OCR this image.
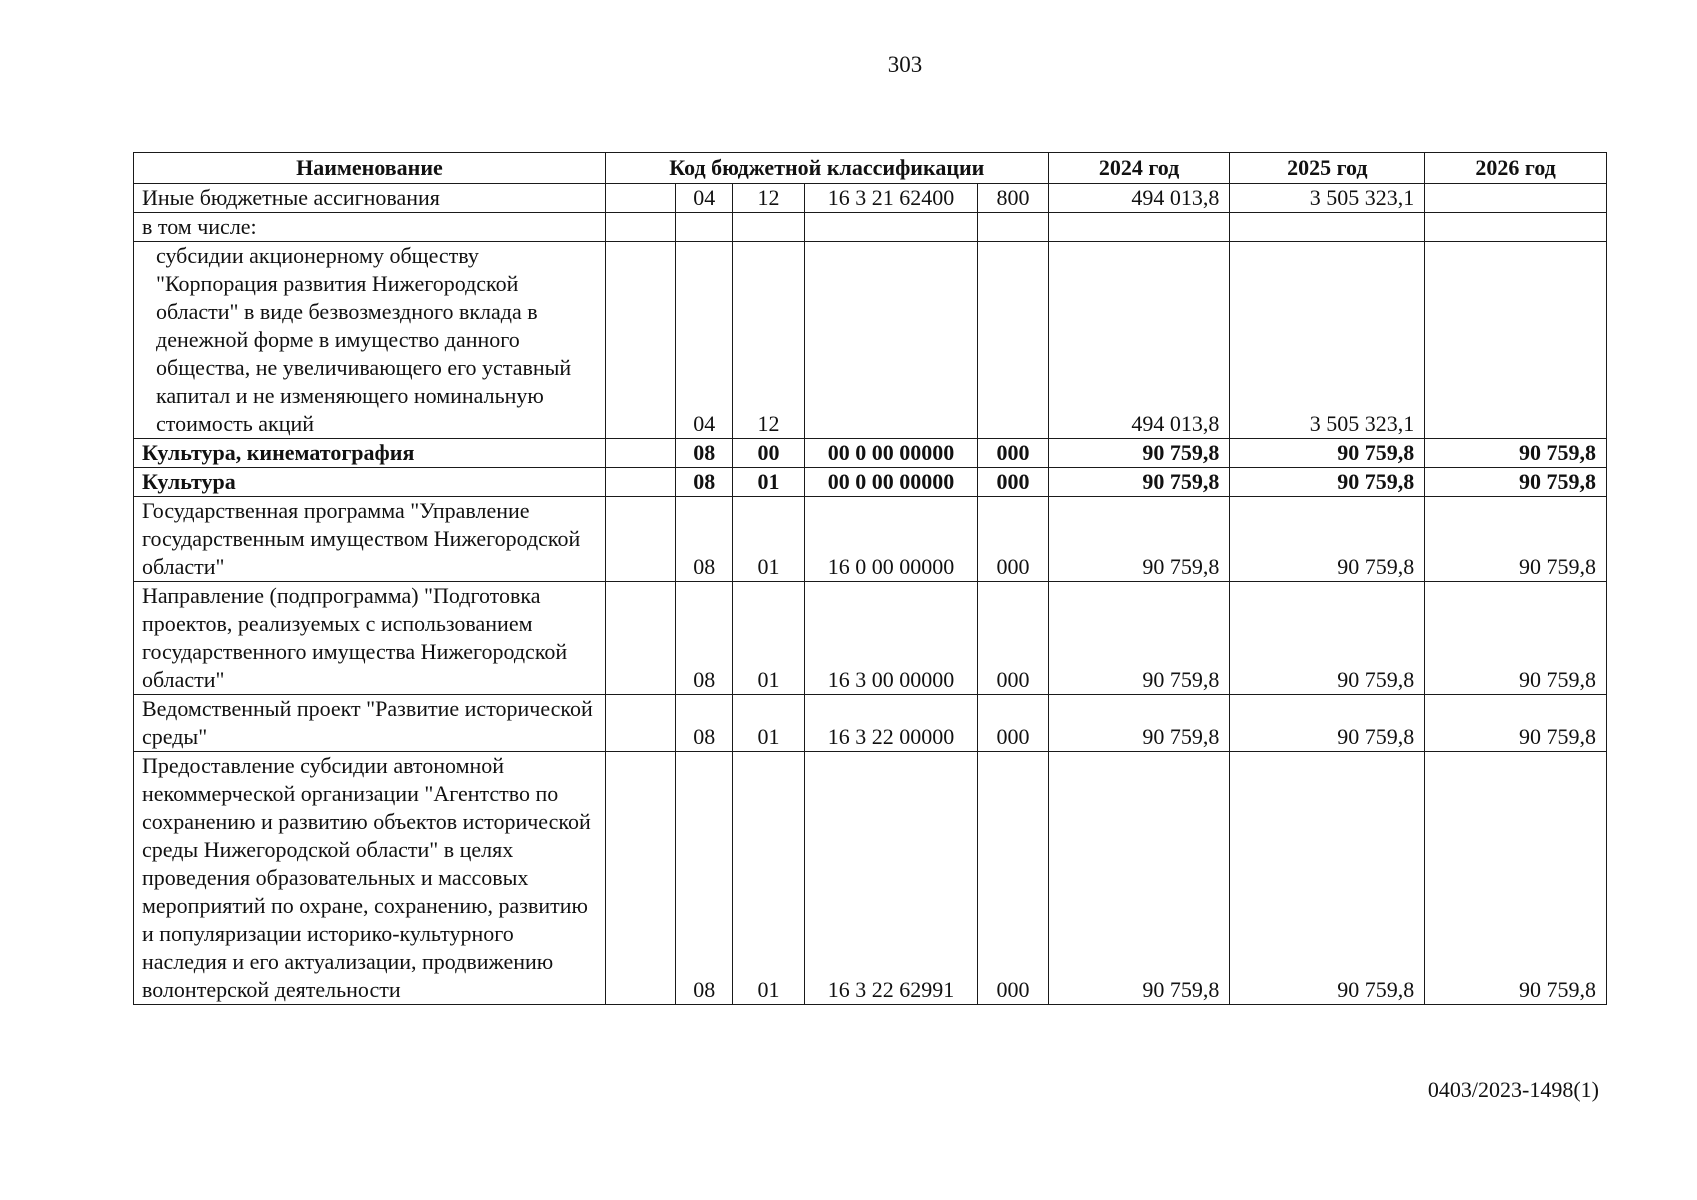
303
Наименование	Код бюджетной классификации					2024 год	2025 год	2026 год
Иные бюджетные ассигнования		04	12	16 3 21 62400	800	494 013,8	3 505 323,1	
в том числе:								

субсидии акционерному обществу "Корпорация развития Нижегородской области" в виде безвозмездного вклада в денежной форме в имущество данного общества, не увеличивающего его уставный капитал и не изменяющего номинальную стоимость акций		04	12			494 013,8	3 505 323,1	
Культура, кинематография		08	00	00 0 00 00000	000	90 759,8	90 759,8	90 759,8
Культура		08	01	00 0 00 00000	000	90 759,8	90 759,8	90 759,8
Государственная программа "Управление государственным имуществом Нижегородской области"		08	01	16 0 00 00000	000	90 759,8	90 759,8	90 759,8
Направление (подпрограмма) "Подготовка проектов, реализуемых с использованием государственного имущества Нижегородской области"		08	01	16 3 00 00000	000	90 759,8	90 759,8	90 759,8
Ведомственный проект "Развитие исторической среды"		08	01	16 3 22 00000	000	90 759,8	90 759,8	90 759,8
Предоставление субсидии автономной некоммерческой организации "Агентство по сохранению и развитию объектов исторической среды Нижегородской области" в целях проведения образовательных и массовых мероприятий по охране, сохранению, развитию и популяризации историко-культурного наследия и его актуализации, продвижению волонтерской деятельности		08	01	16 3 22 62991	000	90 759,8	90 759,8	90 759,8
0403/2023-1498(1)
